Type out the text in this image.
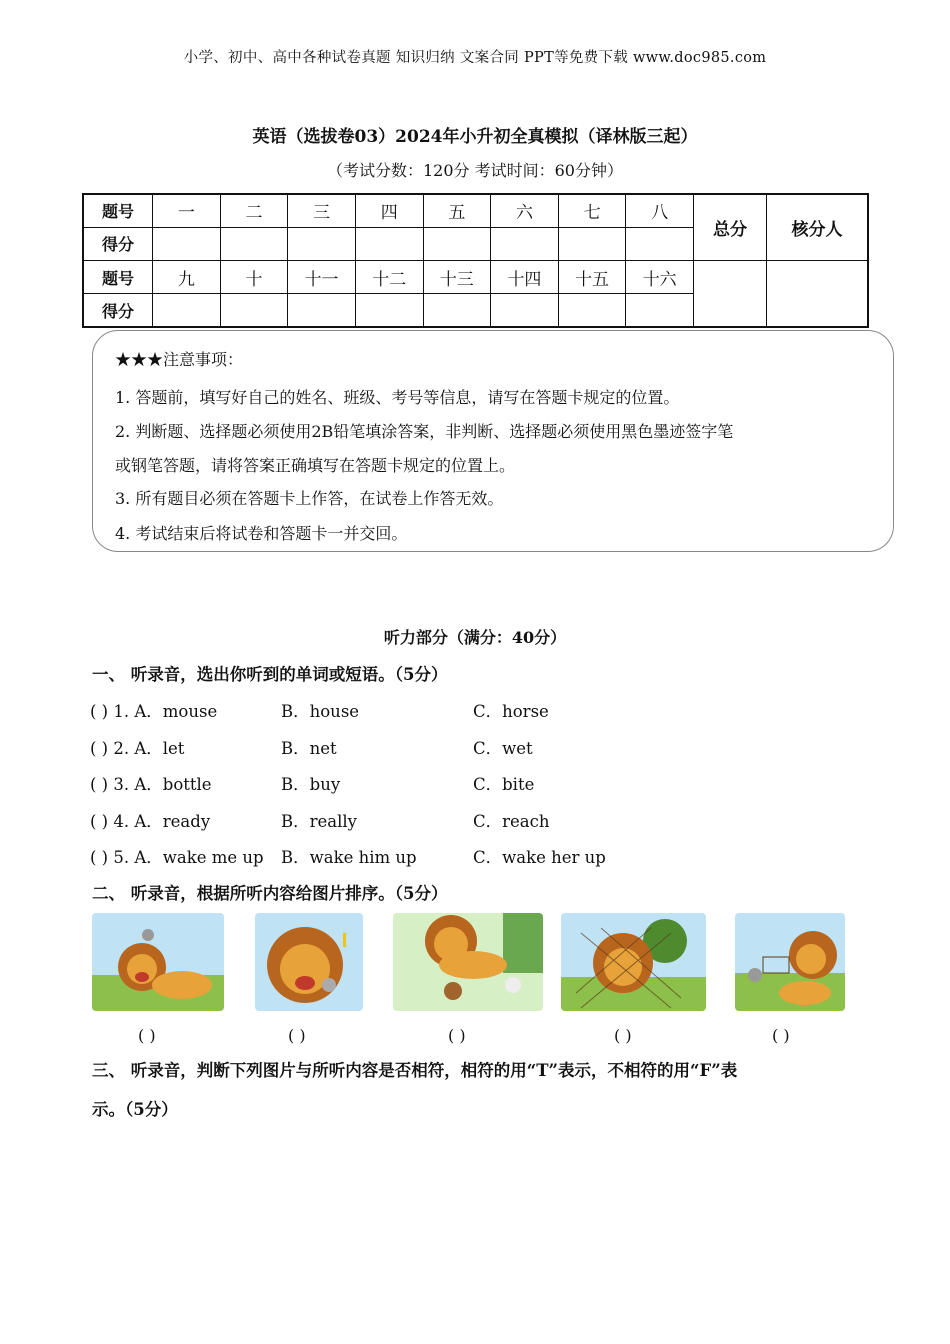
小学、初中、高中各种试卷真题 知识归纳 文案合同 PPT等免费下载 www.doc985.com
英语（选拔卷03）2024年小升初全真模拟（译林版三起）
（考试分数：120分 考试时间：60分钟）
题号	一	二	三	四	五	六	七	八	总分	核分人
得分										
题号	九	十	十一	十二	十三	十四	十五	十六		
得分										
★★★注意事项：
1. 答题前，填写好自己的姓名、班级、考号等信息，请写在答题卡规定的位置。
2. 判断题、选择题必须使用2B铅笔填涂答案，非判断、选择题必须使用黑色墨迹签字笔
或钢笔答题，请将答案正确填写在答题卡规定的位置上。
3. 所有题目必须在答题卡上作答，在试卷上作答无效。
4. 考试结束后将试卷和答题卡一并交回。
听力部分（满分：40分）
一、 听录音，选出你听到的单词或短语。（5分）
( ) 1. A．mouse	B．house	C．horse
( ) 2. A．let	B．net	C．wet
( ) 3. A．bottle	B．buy	C．bite
( ) 4. A．ready	B．really	C．reach
( ) 5. A．wake me up B．wake him up	C．wake her up
二、 听录音，根据所听内容给图片排序。（5分）
( )	( )	( )	( )	( )
三、 听录音，判断下列图片与所听内容是否相符，相符的用“T”表示，不相符的用“F”表
示。（5分）
